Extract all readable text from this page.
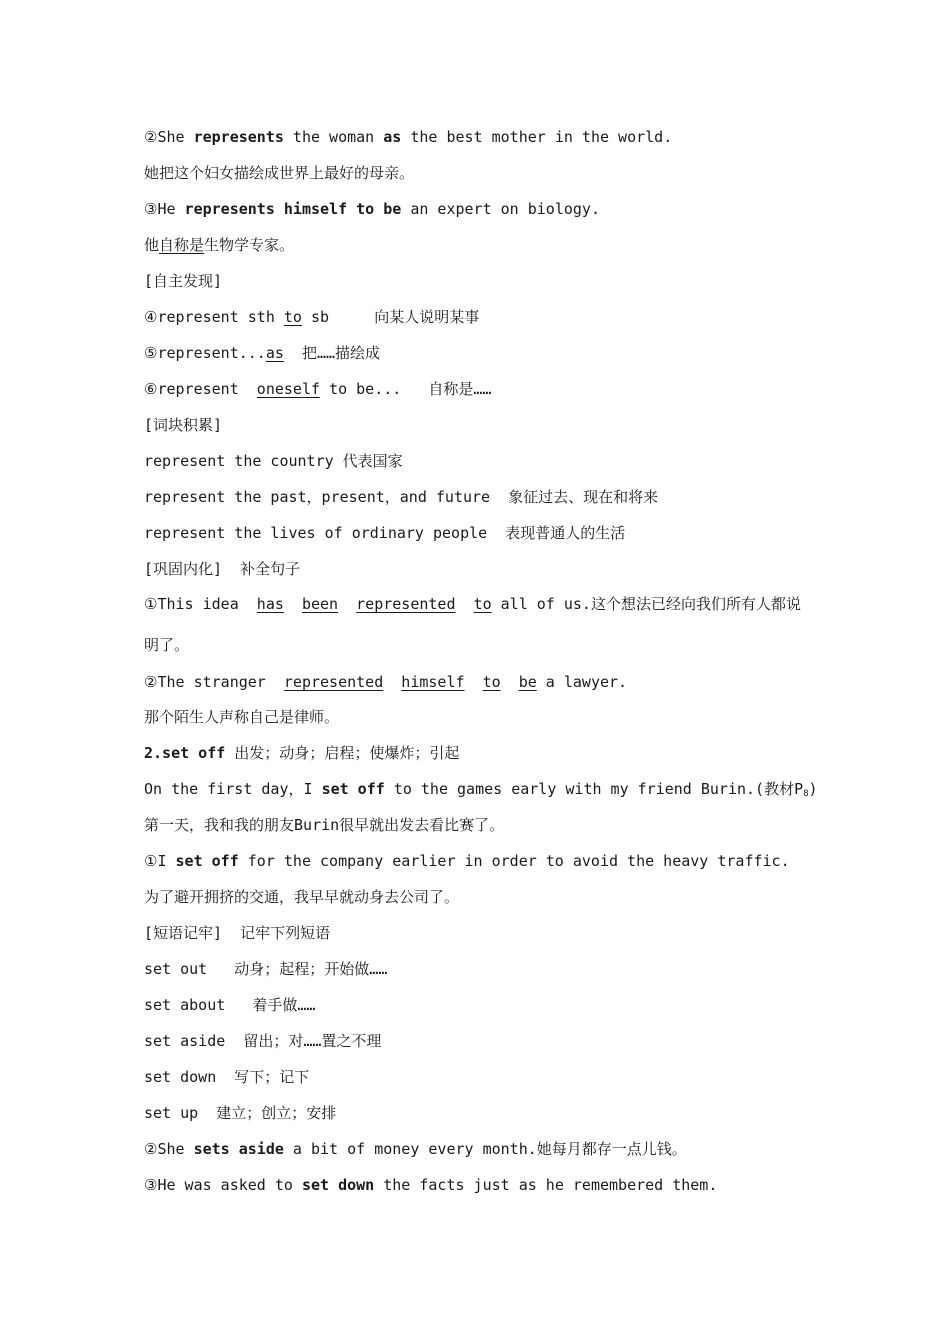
②She represents the woman as the best mother in the world.
她把这个妇女描绘成世界上最好的母亲。
③He represents himself to be an expert on biology.
他自称是生物学专家。
[自主发现]
④represent sth to sb     向某人说明某事
⑤represent...as  把……描绘成
⑥represent  oneself to be...   自称是……
[词块积累]
represent the country 代表国家
represent the past，present，and future  象征过去、现在和将来
represent the lives of ordinary people  表现普通人的生活
[巩固内化]  补全句子
①This idea  has been represented to all of us.这个想法已经向我们所有人都说
明了。
②The stranger  represented himself to be a lawyer.
那个陌生人声称自己是律师。
2.set off 出发；动身；启程；使爆炸；引起
On the first day，I set off to the games early with my friend Burin.(教材$P_8$)
第一天，我和我的朋友Burin很早就出发去看比赛了。
①I set off for the company earlier in order to avoid the heavy traffic.
为了避开拥挤的交通，我早早就动身去公司了。
[短语记牢]  记牢下列短语
set out   动身；起程；开始做……
set about   着手做……
set aside  留出；对……置之不理
set down  写下；记下
set up  建立；创立；安排
②She sets aside a bit of money every month.她每月都存一点儿钱。
③He was asked to set down the facts just as he remembered them.
